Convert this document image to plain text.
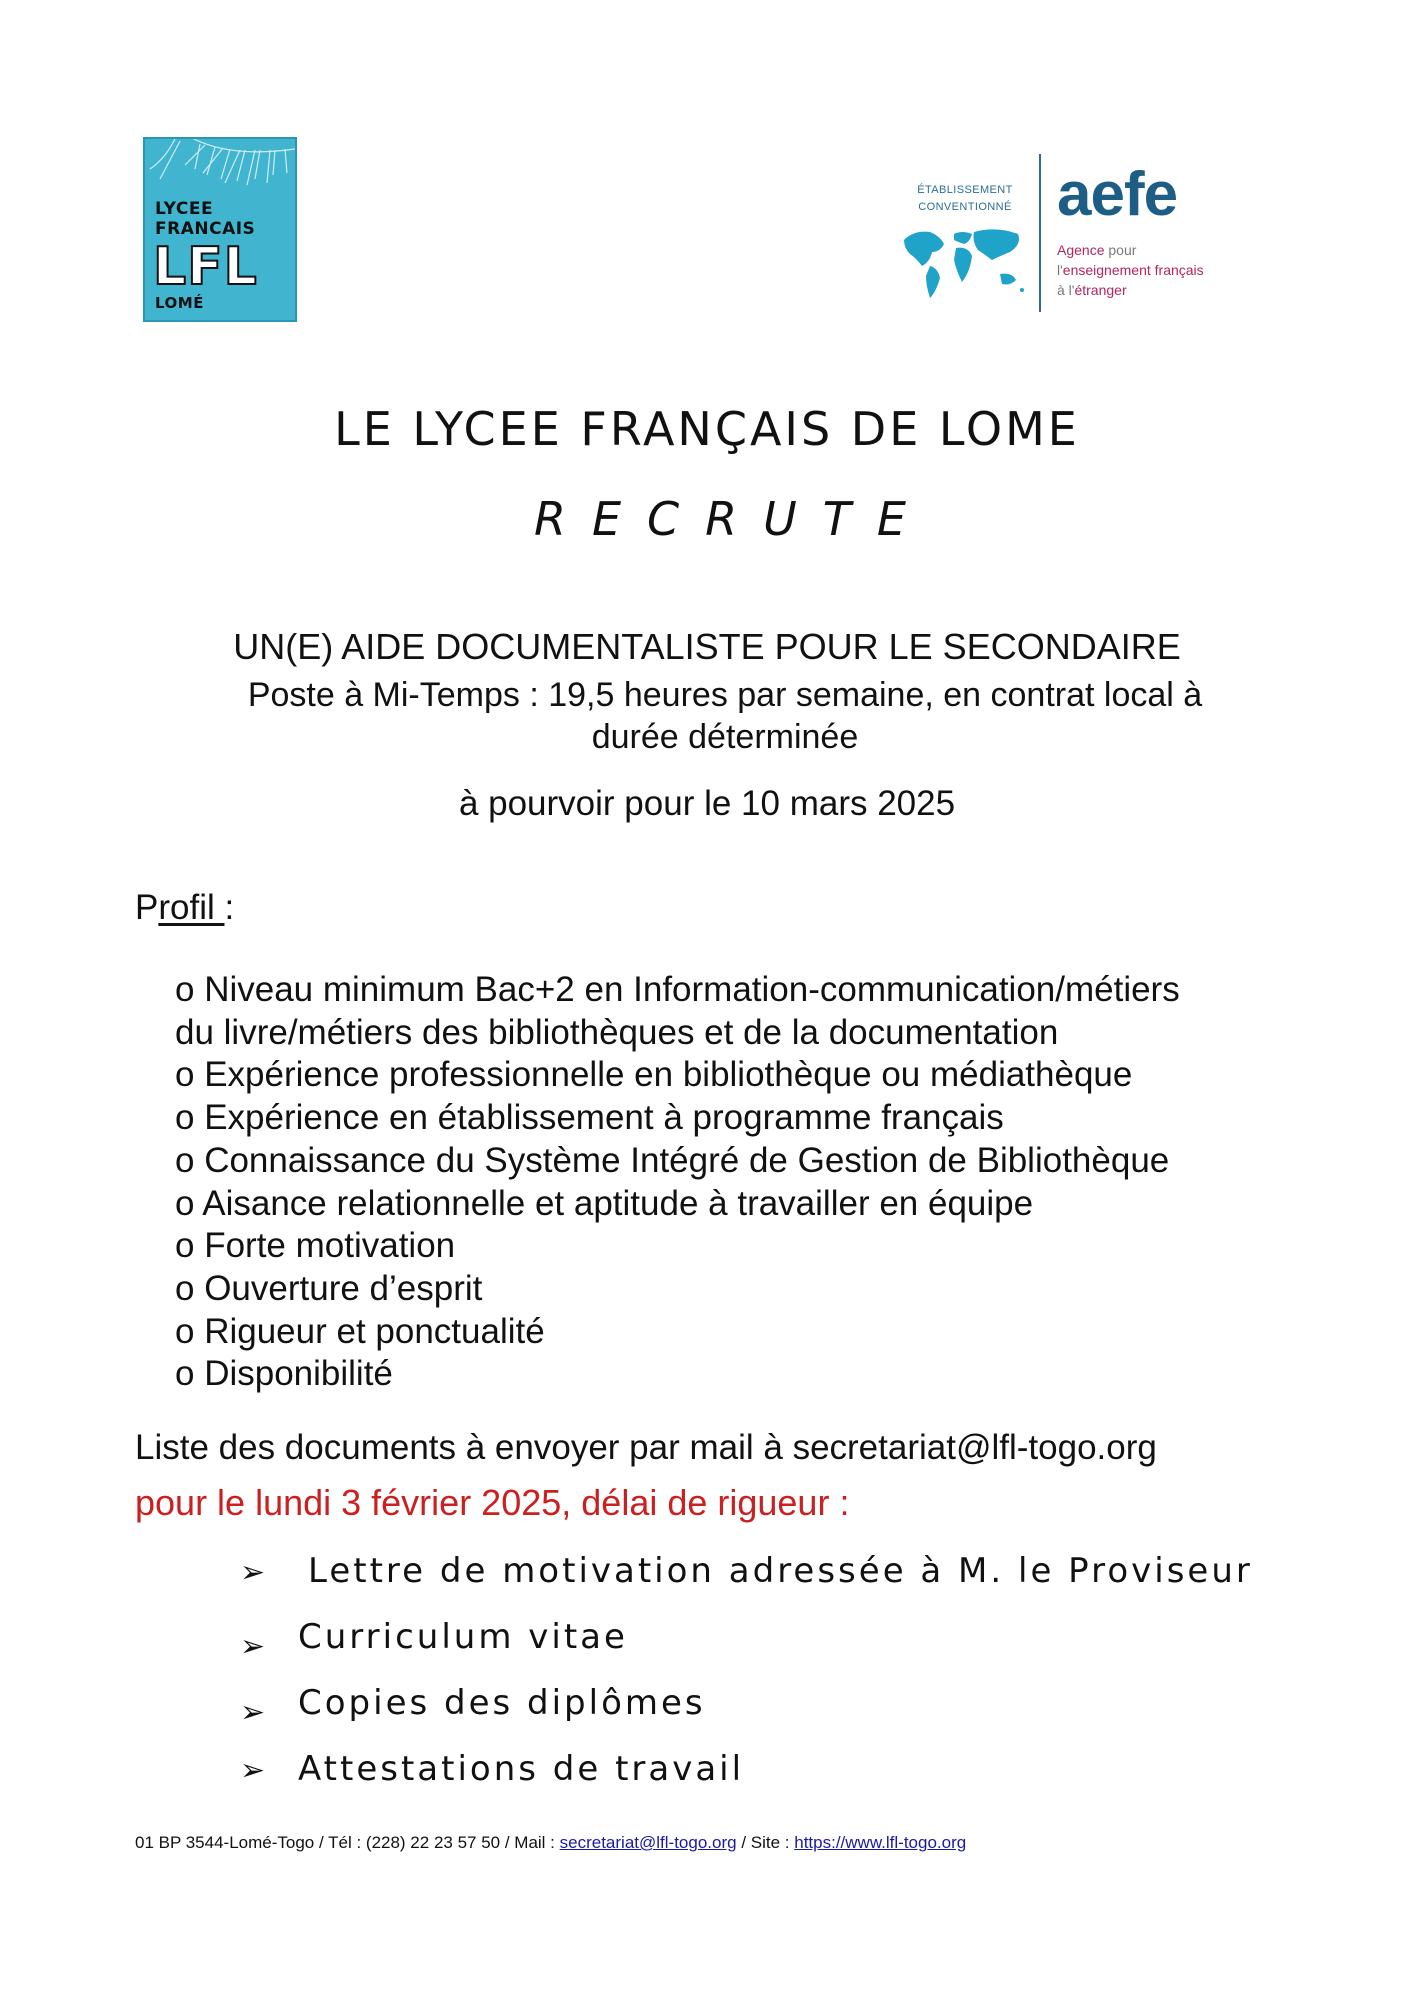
LYCEE
FRANCAIS
LFL
LOMÉ
ÉTABLISSEMENT
CONVENTIONNÉ aefe
Agence pour
l'enseignement français
à l'étranger
LE LYCEE FRANÇAIS DE LOME
RECRUTE
UN(E) AIDE DOCUMENTALISTE POUR LE SECONDAIRE
Poste à Mi-Temps : 19,5 heures par semaine, en contrat local à durée déterminée
à pourvoir pour le 10 mars 2025
Profil :
o Niveau minimum Bac+2 en Information-communication/métiers
du livre/métiers des bibliothèques et de la documentation
o Expérience professionnelle en bibliothèque ou médiathèque
o Expérience en établissement à programme français
o Connaissance du Système Intégré de Gestion de Bibliothèque
o Aisance relationnelle et aptitude à travailler en équipe
o Forte motivation
o Ouverture d’esprit
o Rigueur et ponctualité
o Disponibilité
Liste des documents à envoyer par mail à secretariat@lfl-togo.org
pour le lundi 3 février 2025, délai de rigueur :
➢ Lettre de motivation adressée à M. le Proviseur
➢ Curriculum vitae
➢ Copies des diplômes
➢ Attestations de travail
01 BP 3544-Lomé-Togo / Tél : (228) 22 23 57 50 / Mail : secretariat@lfl-togo.org / Site : https://www.lfl-togo.org
